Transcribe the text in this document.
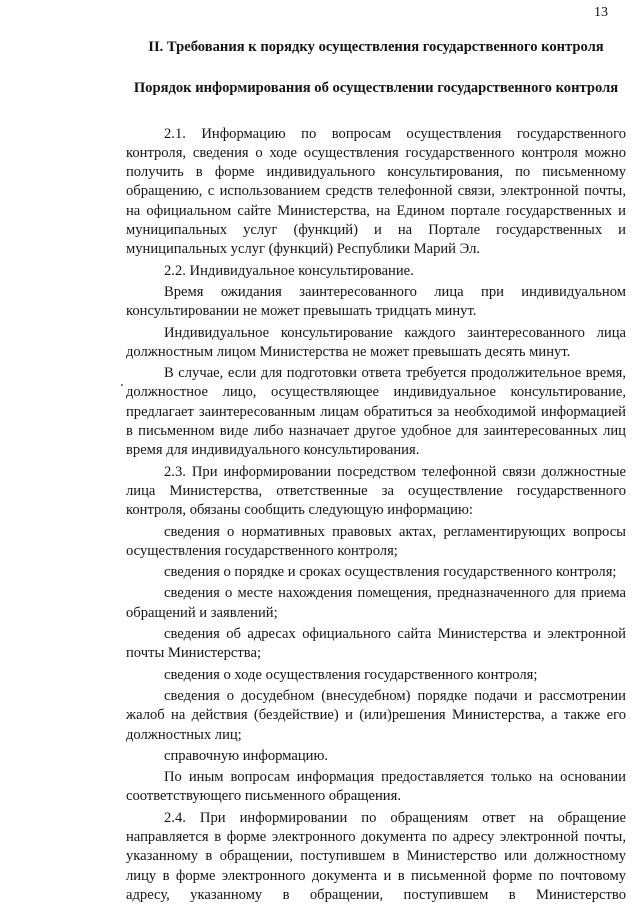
13
II. Требования к порядку осуществления государственного контроля
Порядок информирования об осуществлении государственного контроля

2.1. Информацию по вопросам осуществления государственного контроля, сведения о ходе осуществления государственного контроля можно получить в форме индивидуального консультирования, по письменному обращению, с использованием средств телефонной связи, электронной почты, на официальном сайте Министерства, на Едином портале государственных и муниципальных услуг (функций) и на Портале государственных и муниципальных услуг (функций) Республики Марий Эл.

2.2. Индивидуальное консультирование.

Время ожидания заинтересованного лица при индивидуальном консультировании не может превышать тридцать минут.

Индивидуальное консультирование каждого заинтересованного лица должностным лицом Министерства не может превышать десять минут.

В случае, если для подготовки ответа требуется продолжительное время, должностное лицо, осуществляющее индивидуальное консультирование, предлагает заинтересованным лицам обратиться за необходимой информацией в письменном виде либо назначает другое удобное для заинтересованных лиц время для индивидуального консультирования.

2.3. При информировании посредством телефонной связи должностные лица Министерства, ответственные за осуществление государственного контроля, обязаны сообщить следующую информацию:

сведения о нормативных правовых актах, регламентирующих вопросы осуществления государственного контроля;

сведения о порядке и сроках осуществления государственного контроля;

сведения о месте нахождения помещения, предназначенного для приема обращений и заявлений;

сведения об адресах официального сайта Министерства и электронной почты Министерства;

сведения о ходе осуществления государственного контроля;

сведения о досудебном (внесудебном) порядке подачи и рассмотрении жалоб на действия (бездействие) и (или)решения Министерства, а также его должностных лиц;

справочную информацию.

По иным вопросам информация предоставляется только на основании соответствующего письменного обращения.

2.4. При информировании по обращениям ответ на обращение направляется в форме электронного документа по адресу электронной почты, указанному в обращении, поступившем в Министерство или должностному лицу в форме электронного документа и в письменной форме по почтовому адресу, указанному в обращении, поступившем в Министерство
